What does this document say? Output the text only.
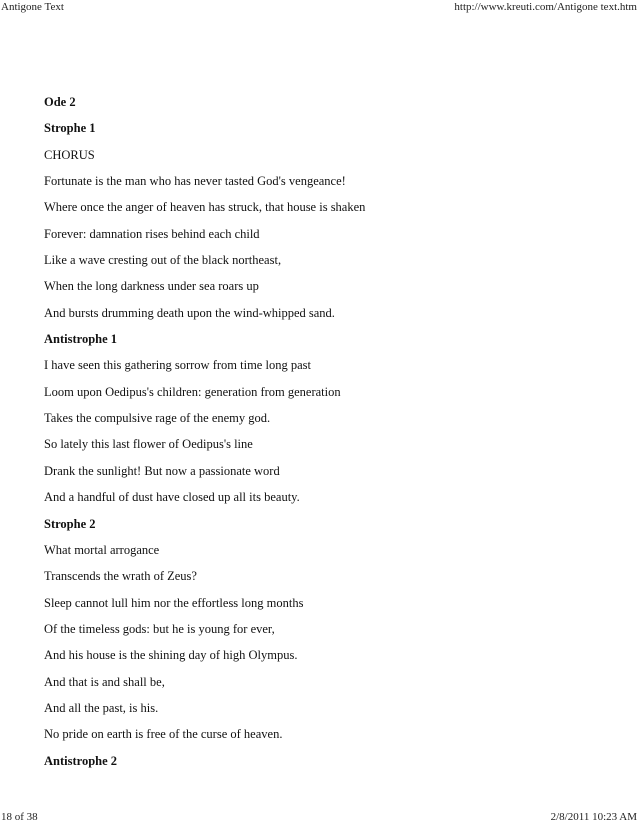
Antigone Text	http://www.kreuti.com/Antigone text.htm
Ode 2
Strophe 1
CHORUS
Fortunate is the man who has never tasted God's vengeance!
Where once the anger of heaven has struck, that house is shaken
Forever: damnation rises behind each child
Like a wave cresting out of the black northeast,
When the long darkness under sea roars up
And bursts drumming death upon the wind-whipped sand.
Antistrophe 1
I have seen this gathering sorrow from time long past
Loom upon Oedipus's children: generation from generation
Takes the compulsive rage of the enemy god.
So lately this last flower of Oedipus's line
Drank the sunlight! But now a passionate word
And a handful of dust have closed up all its beauty.
Strophe 2
What mortal arrogance
Transcends the wrath of Zeus?
Sleep cannot lull him nor the effortless long months
Of the timeless gods: but he is young for ever,
And his house is the shining day of high Olympus.
And that is and shall be,
And all the past, is his.
No pride on earth is free of the curse of heaven.
Antistrophe 2
18 of 38	2/8/2011 10:23 AM
